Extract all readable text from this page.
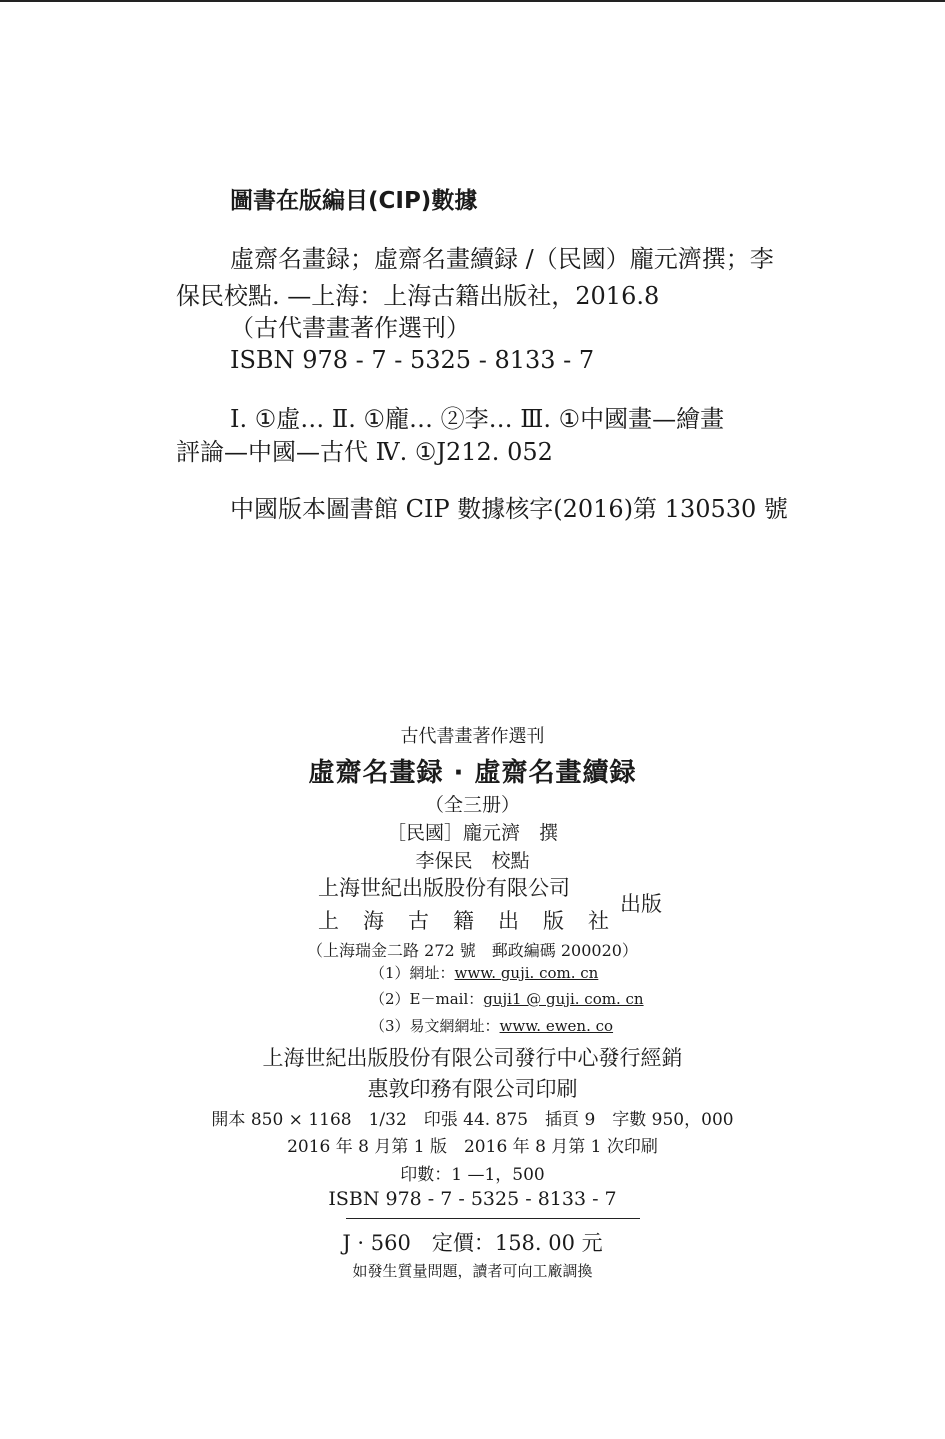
圖書在版編目(CIP)數據
虛齋名畫録；虛齋名畫續録 /（民國）龐元濟撰；李
保民校點. —上海：上海古籍出版社，2016.8
（古代書畫著作選刊）
ISBN 978 - 7 - 5325 - 8133 - 7
Ⅰ. ①虛… Ⅱ. ①龐… ②李… Ⅲ. ①中國畫—繪畫
評論—中國—古代 Ⅳ. ①J212. 052
中國版本圖書館 CIP 數據核字(2016)第 130530 號
古代書畫著作選刊
虛齋名畫録 · 虛齋名畫續録
（全三册）
［民國］龐元濟　撰
李保民　校點
上海世紀出版股份有限公司
上海古籍出版社
出版
（上海瑞金二路 272 號　郵政編碼 200020）
（1）網址：www. guji. com. cn
（2）E－mail：guji1 @ guji. com. cn
（3）易文網網址：www. ewen. co
上海世紀出版股份有限公司發行中心發行經銷
惠敦印務有限公司印刷
開本 850 × 1168　1/32　印張 44. 875　插頁 9　字數 950，000
2016 年 8 月第 1 版　2016 年 8 月第 1 次印刷
印數：1 —1，500
ISBN 978 - 7 - 5325 - 8133 - 7
J · 560　定價：158. 00 元
如發生質量問題，讀者可向工廠調換
